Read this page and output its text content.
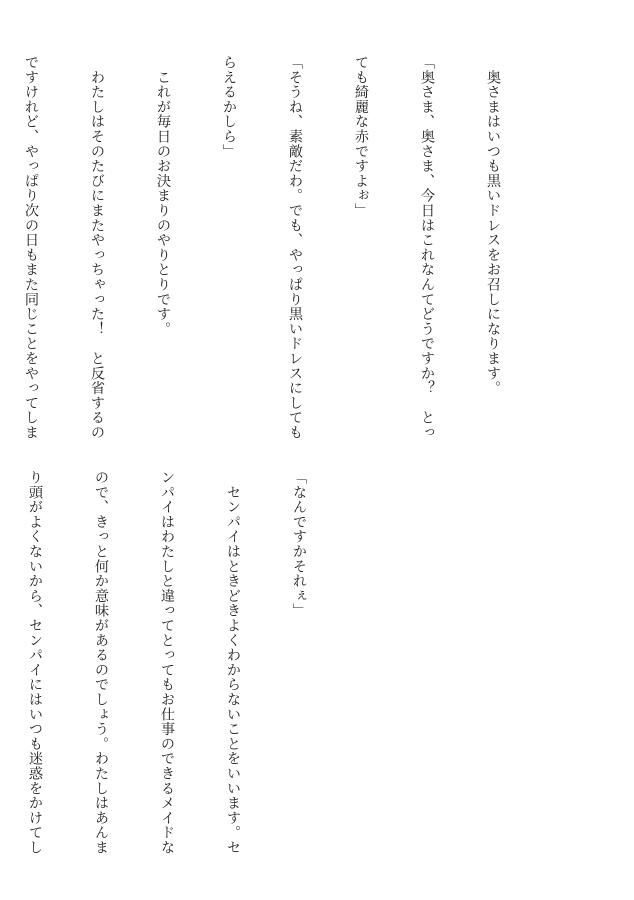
　奥さまはいつも黒いドレスをお召しになります。

「奥さま、奥さま、今日はこれなんてどうですか？　とっ

ても綺麗な赤ですよぉ」

「そうね、素敵だわ。でも、やっぱり黒いドレスにしても

らえるかしら」

　これが毎日のお決まりのやりとりです。

　わたしはそのたびにまたやっちゃった！　と反省するの

ですけれど、やっぱり次の日もまた同じことをやってしま

「なんですかそれぇ」

　センパイはときどきよくわからないことをいいます。セ

ンパイはわたしと違ってとってもお仕事のできるメイドな

ので、きっと何か意味があるのでしょう。わたしはあんま

り頭がよくないから、センパイにはいつも迷惑をかけてし
